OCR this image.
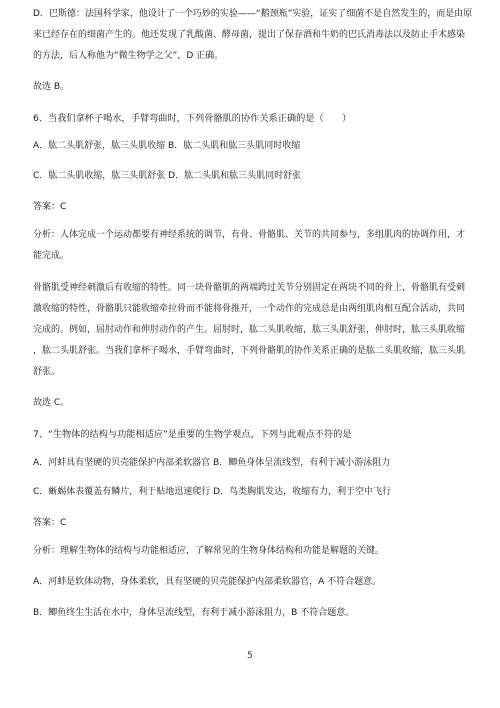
D．巴斯德：法国科学家，他设计了一个巧妙的实验——“鹅颈瓶”实验，证实了细菌不是自然发生的，而是由原
来已经存在的细菌产生的。他还发现了乳酸菌、酵母菌，提出了保存酒和牛奶的巴氏消毒法以及防止手术感染
的方法，后人称他为“微生物学之父”，D 正确。
故选 B。
6、当我们拿杯子喝水，手臂弯曲时，下列骨骼肌的协作关系正确的是（　　）
A．肱二头肌舒张，肱三头肌收缩 B．肱二头肌和肱三头肌同时收缩
C．肱二头肌收缩，肱三头肌舒张 D．肱二头肌和肱三头肌同时舒张
答案：C
分析：人体完成一个运动都要有神经系统的调节，有骨、骨骼肌、关节的共同参与，多组肌肉的协调作用，才
能完成。
骨骼肌受神经刺激后有收缩的特性。同一块骨骼肌的两端跨过关节分别固定在两块不同的骨上，骨骼肌有受刺
激收缩的特性，骨骼肌只能收缩牵拉骨而不能将骨推开，一个动作的完成总是由两组肌肉相互配合活动，共同
完成的。例如，屈肘动作和伸肘动作的产生。屈肘时，肱二头肌收缩，肱三头肌舒张，伸肘时，肱三头肌收缩
，肱二头肌舒张。当我们拿杯子喝水，手臂弯曲时，下列骨骼肌的协作关系正确的是肱二头肌收缩，肱三头肌
舒张。
故选 C。
7、“生物体的结构与功能相适应”是重要的生物学观点，下列与此观点不符的是
A．河蚌具有坚硬的贝壳能保护内部柔软器官 B．鲫鱼身体呈流线型，有利于减小游泳阻力
C．蜥蜴体表覆盖有鳞片，利于贴地迅速爬行 D．鸟类胸肌发达，收缩有力，利于空中飞行
答案：C
分析：理解生物体的结构与功能相适应，了解常见的生物身体结构和功能是解题的关键。
A．河蚌是软体动物，身体柔软，具有坚硬的贝壳能保护内部柔软器官，A 不符合题意。
B．鲫鱼终生生活在水中，身体呈流线型，有利于减小游泳阻力，B 不符合题意。
5
